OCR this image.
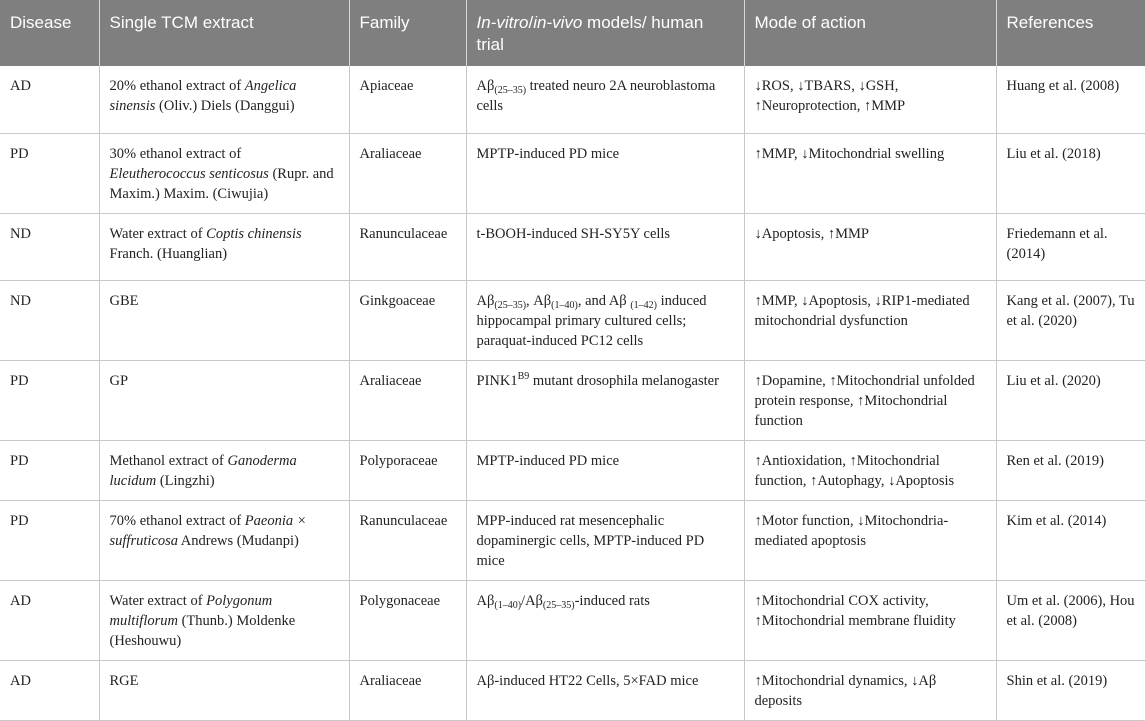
Disease	Single TCM extract	Family	In-vitro/in-vivo models/ human trial	Mode of action	References
AD	20% ethanol extract of Angelica sinensis (Oliv.) Diels (Danggui)	Apiaceae	$A\beta_{(25-35)}$ treated neuro 2A neuroblastoma cells	↓ROS, ↓TBARS, ↓GSH, ↑Neuroprotection, ↑MMP	Huang et al. (2008)
PD	30% ethanol extract of Eleutherococcus senticosus (Rupr. and Maxim.) Maxim. (Ciwujia)	Araliaceae	MPTP-induced PD mice	↑MMP, ↓Mitochondrial swelling	Liu et al. (2018)
ND	Water extract of Coptis chinensis Franch. (Huanglian)	Ranunculaceae	t-BOOH-induced SH-SY5Y cells	↓Apoptosis, ↑MMP	Friedemann et al. (2014)
ND	GBE	Ginkgoaceae	$A\beta_{(25-35)}$, $A\beta_{(1-40)}$, and Aβ $_{(1-42)}$ induced hippocampal primary cultured cells; paraquat-induced PC12 cells	↑MMP, ↓Apoptosis, ↓RIP1-mediated mitochondrial dysfunction	Kang et al. (2007), Tu et al. (2020)
PD	GP	Araliaceae	$PINK1^{B9}$ mutant drosophila melanogaster	↑Dopamine, ↑Mitochondrial unfolded protein response, ↑Mitochondrial function	Liu et al. (2020)
PD	Methanol extract of Ganoderma lucidum (Lingzhi)	Polyporaceae	MPTP-induced PD mice	↑Antioxidation, ↑Mitochondrial function, ↑Autophagy, ↓Apoptosis	Ren et al. (2019)
PD	70% ethanol extract of Paeonia × suffruticosa Andrews (Mudanpi)	Ranunculaceae	MPP-induced rat mesencephalic dopaminergic cells, MPTP-induced PD mice	↑Motor function, ↓Mitochondria-mediated apoptosis	Kim et al. (2014)
AD	Water extract of Polygonum multiflorum (Thunb.) Moldenke (Heshouwu)	Polygonaceae	$A\beta_{(1-40)}/A\beta_{(25-35)}$-induced rats	↑Mitochondrial COX activity, ↑Mitochondrial membrane fluidity	Um et al. (2006), Hou et al. (2008)
AD	RGE	Araliaceae	Aβ-induced HT22 Cells, 5×FAD mice	↑Mitochondrial dynamics, ↓Aβ deposits	Shin et al. (2019)
